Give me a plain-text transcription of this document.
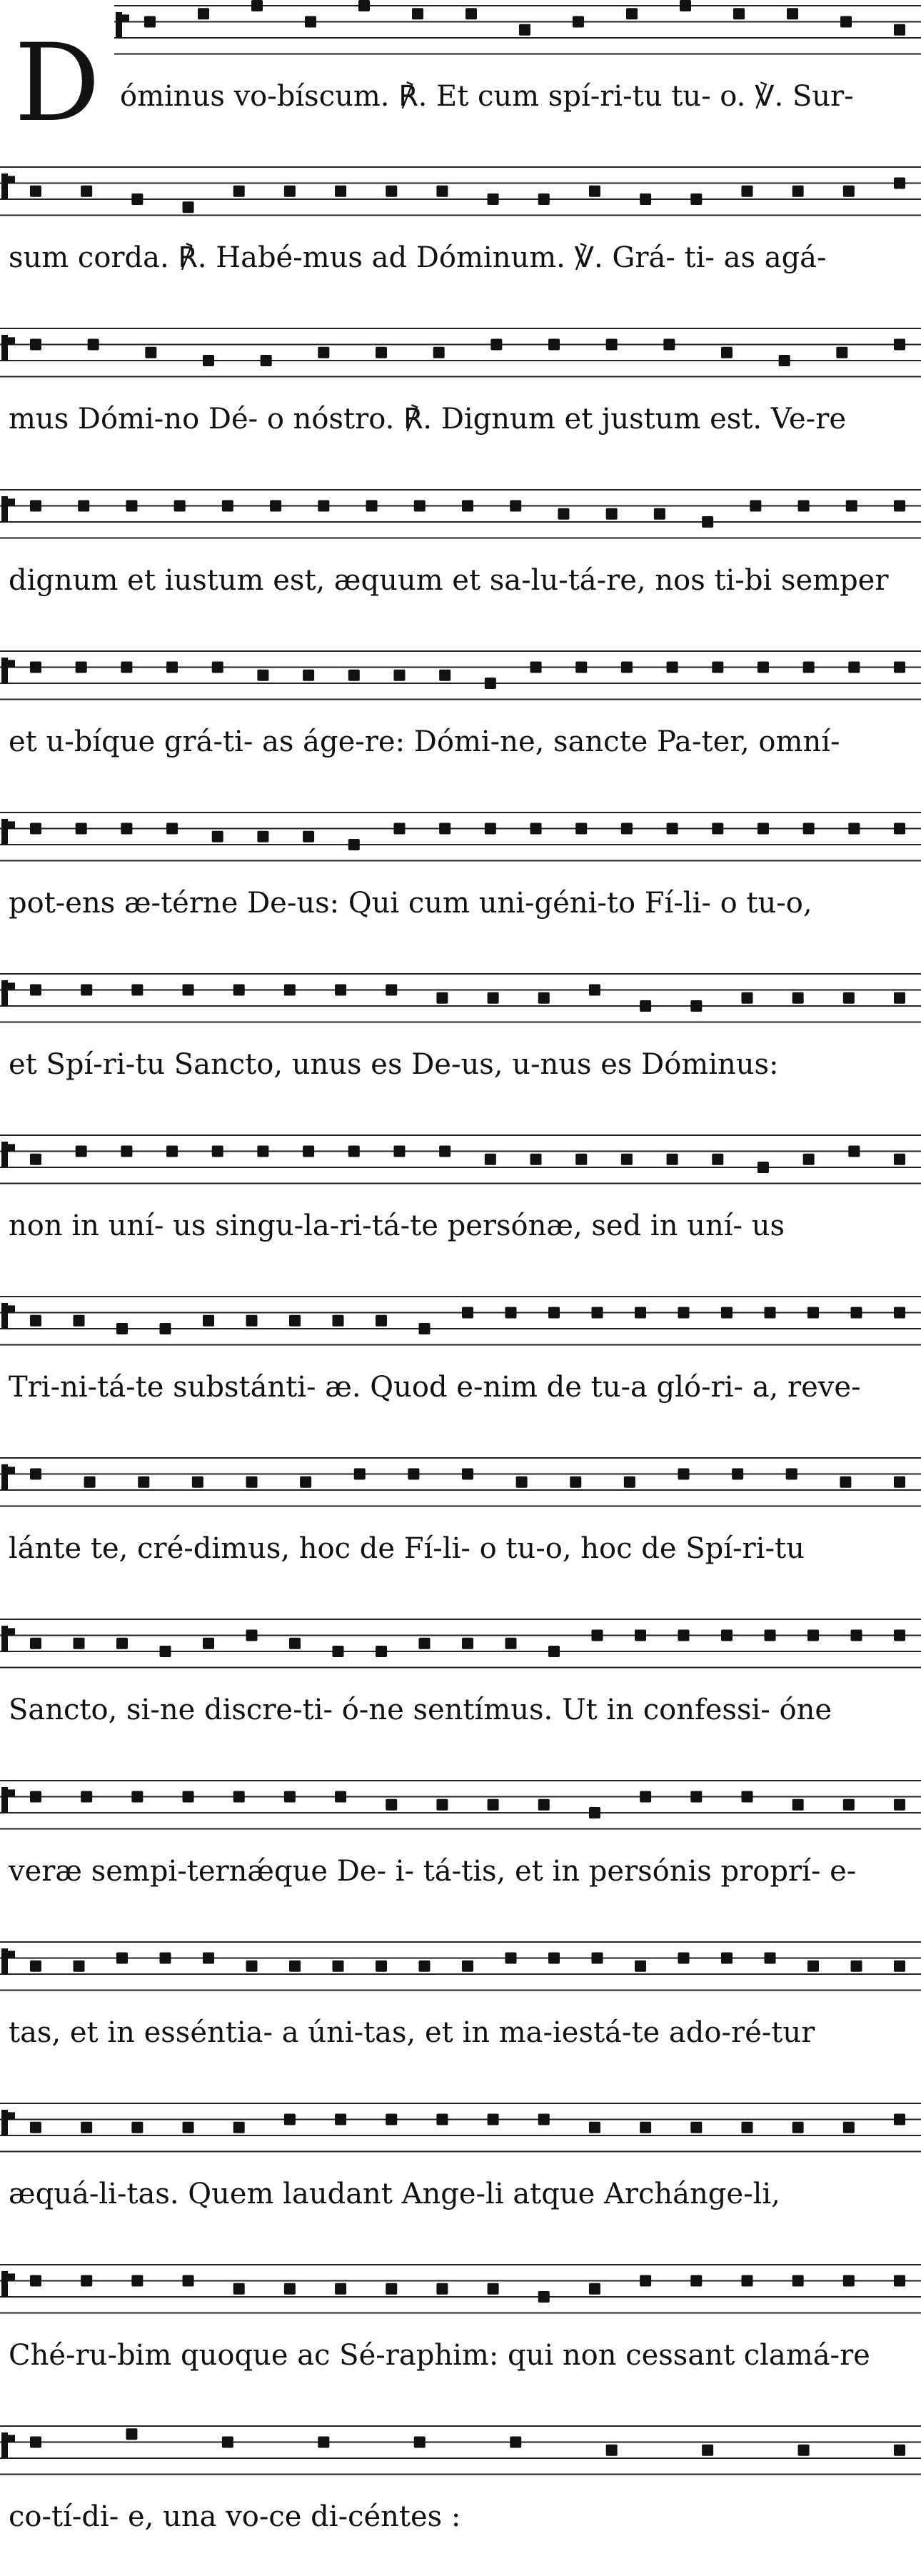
óminus vo-bíscum. ℟. Et cum spí-ri-tu tu- o. ℣. Sur-
sum corda. ℟. Habé-mus ad Dóminum. ℣. Grá- ti- as agá-
mus Dómi-no Dé- o nóstro. ℟. Dignum et justum est. Ve-re
dignum et iustum est, æquum et sa-lu-tá-re, nos ti-bi semper
et u-bíque grá-ti- as áge-re: Dómi-ne, sancte Pa-ter, omní-
pot-ens æ-térne De-us: Qui cum uni-géni-to Fí-li- o tu-o,
et Spí-ri-tu Sancto, unus es De-us, u-nus es Dóminus:
non in uní- us singu-la-ri-tá-te persónæ, sed in uní- us
Tri-ni-tá-te substánti- æ. Quod e-nim de tu-a gló-ri- a, reve-
lánte te, cré-dimus, hoc de Fí-li- o tu-o, hoc de Spí-ri-tu
Sancto, si-ne discre-ti- ó-ne sentímus. Ut in confessi- óne
veræ sempi-ternǽque De- i- tá-tis, et in persónis proprí- e-
tas, et in esséntia- a úni-tas, et in ma-iestá-te ado-ré-tur
æquá-li-tas. Quem laudant Ange-li atque Archánge-li,
Ché-ru-bim quoque ac Sé-raphim: qui non cessant clamá-re
co-tí-di- e, una vo-ce di-céntes :
D
